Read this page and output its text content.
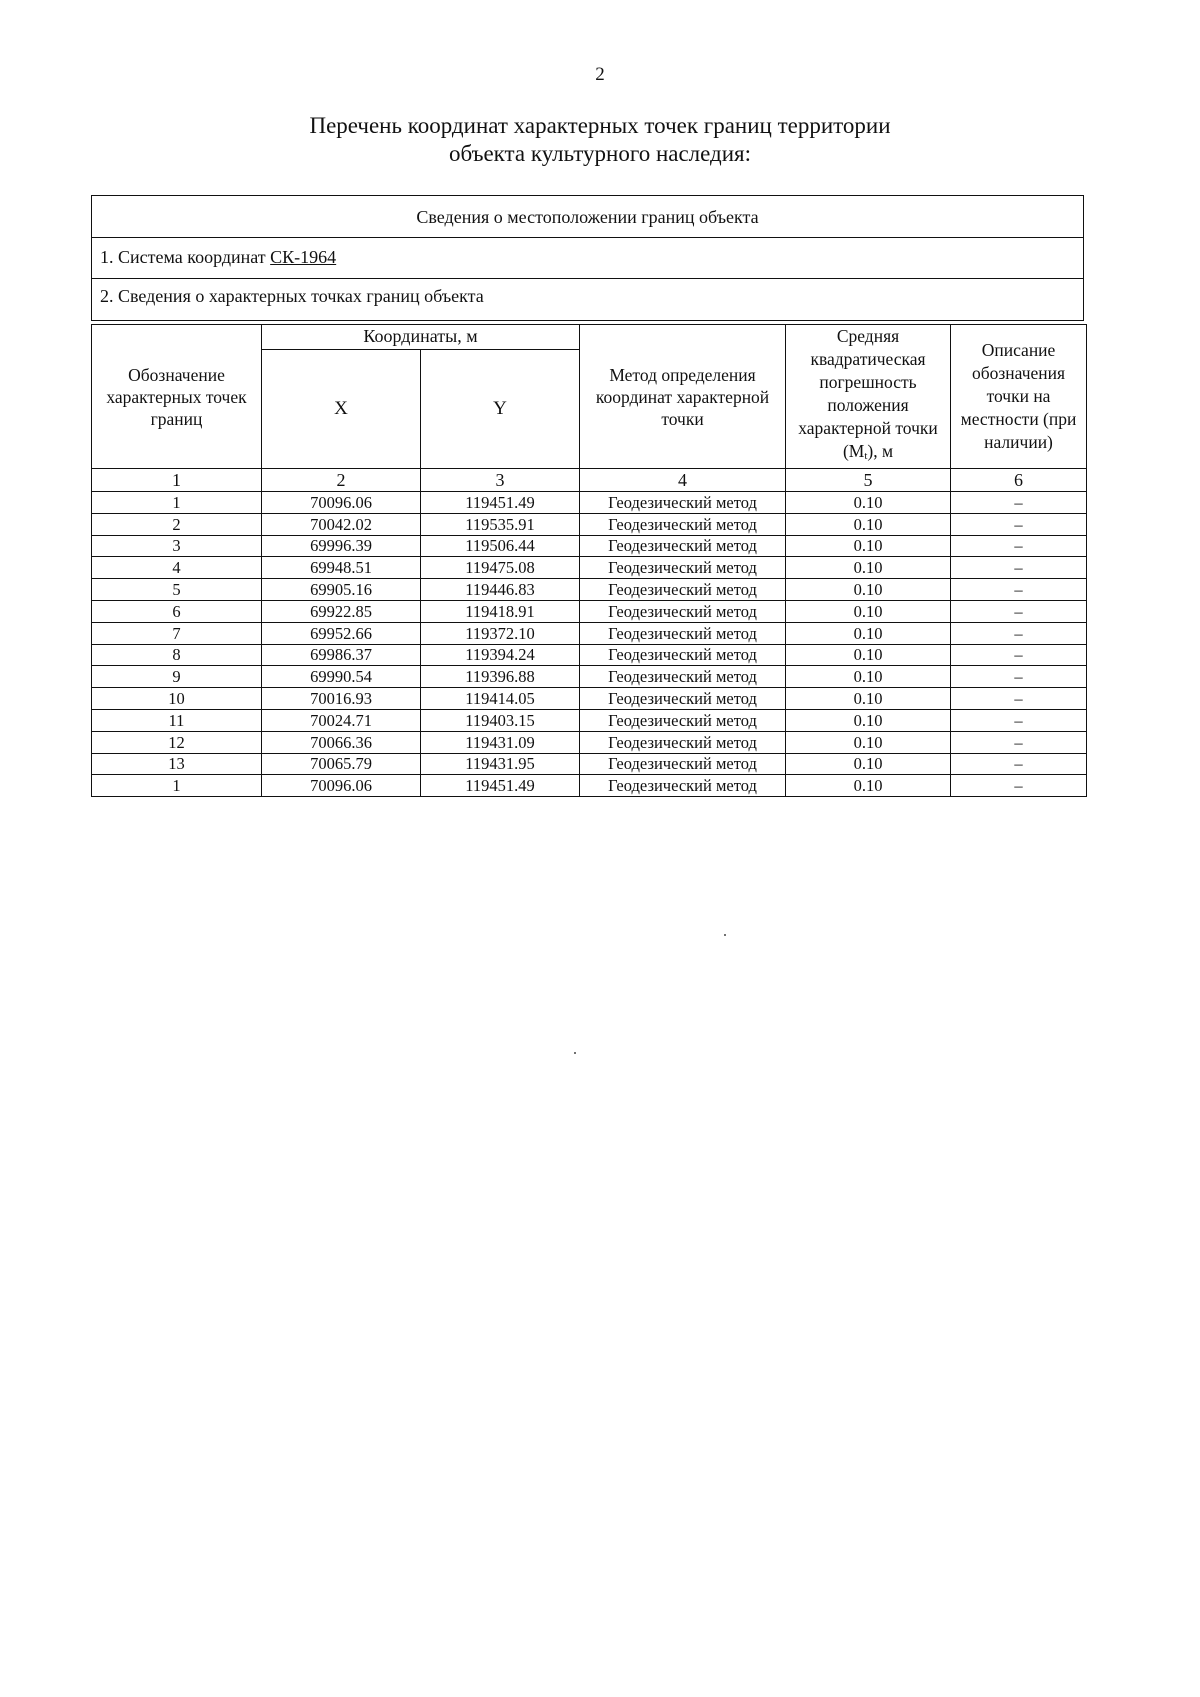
2
Перечень координат характерных точек границ территории
объекта культурного наследия:
Сведения о местоположении границ объекта
1. Система координат СК-1964
2. Сведения о характерных точках границ объекта
Обозначение характерных точек границ	Координаты, м		Метод определения координат характерной точки	Средняя квадратическая погрешность положения характерной точки (Mt), м	Описание обозначения точки на местности (при наличии)
	X	Y			
1	2	3	4	5	6
1	70096.06	119451.49	Геодезический метод	0.10	–
2	70042.02	119535.91	Геодезический метод	0.10	–
3	69996.39	119506.44	Геодезический метод	0.10	–
4	69948.51	119475.08	Геодезический метод	0.10	–
5	69905.16	119446.83	Геодезический метод	0.10	–
6	69922.85	119418.91	Геодезический метод	0.10	–
7	69952.66	119372.10	Геодезический метод	0.10	–
8	69986.37	119394.24	Геодезический метод	0.10	–
9	69990.54	119396.88	Геодезический метод	0.10	–
10	70016.93	119414.05	Геодезический метод	0.10	–
11	70024.71	119403.15	Геодезический метод	0.10	–
12	70066.36	119431.09	Геодезический метод	0.10	–
13	70065.79	119431.95	Геодезический метод	0.10	–
1	70096.06	119451.49	Геодезический метод	0.10	–
